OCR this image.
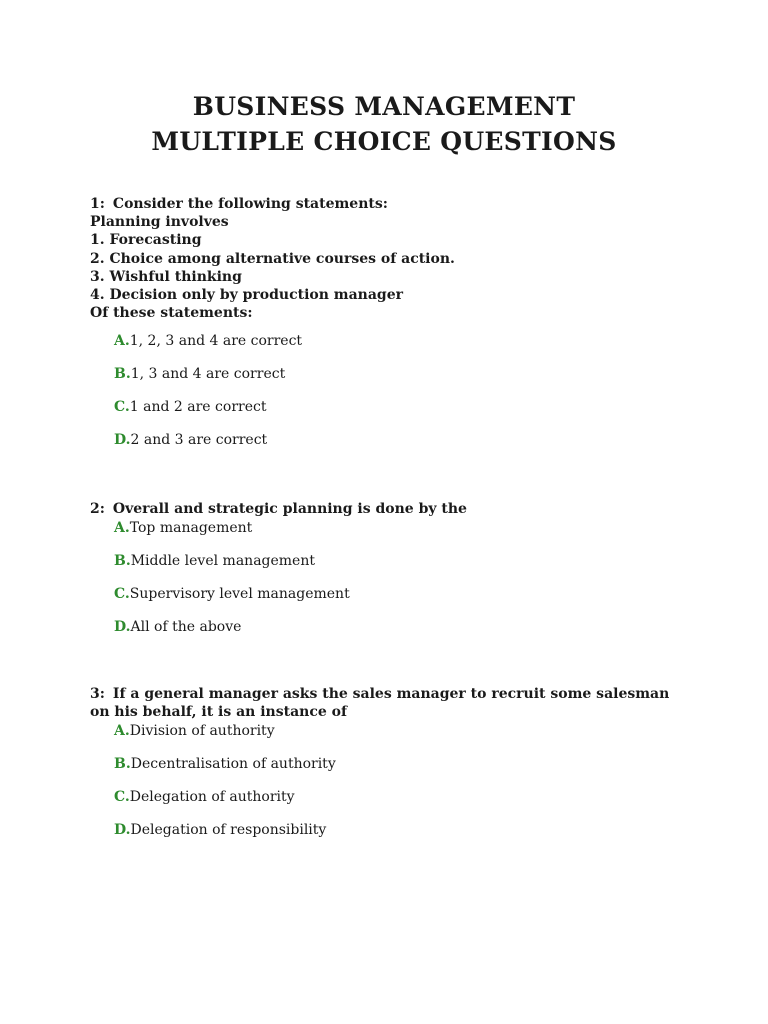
BUSINESS MANAGEMENT
MULTIPLE CHOICE QUESTIONS
1: Consider the following statements:
Planning involves
1. Forecasting
2. Choice among alternative courses of action.
3. Wishful thinking
4. Decision only by production manager
Of these statements:
A.1, 2, 3 and 4 are correct
B.1, 3 and 4 are correct
C.1 and 2 are correct
D.2 and 3 are correct
2: Overall and strategic planning is done by the
A.Top management
B.Middle level management
C.Supervisory level management
D.All of the above
3: If a general manager asks the sales manager to recruit some salesman
on his behalf, it is an instance of
A.Division of authority
B.Decentralisation of authority
C.Delegation of authority
D.Delegation of responsibility
